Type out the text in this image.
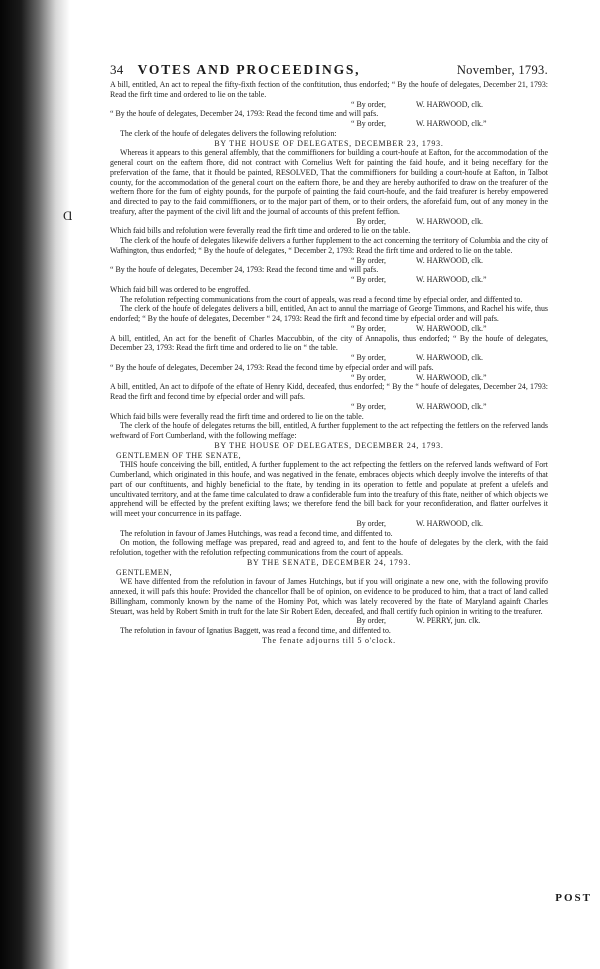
Ɑ
34 VOTES AND PROCEEDINGS,	November, 1793.

A bill, entitled, An act to repeal the fifty-fixth fection of the conftitution, thus endorfed; “ By the houfe of delegates, December 21, 1793: Read the firft time and ordered to lie on the table.

“ By order,	W. HARWOOD, clk.

“ By the houfe of delegates, December 24, 1793: Read the fecond time and will pafs.

“ By order,	W. HARWOOD, clk.”

The clerk of the houfe of delegates delivers the following refolution:

BY THE HOUSE OF DELEGATES, DECEMBER 23, 1793.

Whereas it appears to this general affembly, that the commiffioners for building a court-houfe at Eafton, for the accommodation of the general court on the eaftern fhore, did not contract with Cornelius Weft for painting the faid houfe, and it being neceffary for the prefervation of the fame, that it fhould be painted, RESOLVED, That the commiffioners for building a court-houfe at Eafton, in Talbot county, for the accommodation of the general court on the eaftern fhore, be and they are hereby authorifed to draw on the treafurer of the weftern fhore for the fum of eighty pounds, for the purpofe of painting the faid court-houfe, and the faid treafurer is hereby empowered and directed to pay to the faid commiffioners, or to the major part of them, or to their orders, the aforefaid fum, out of any money in the treafury, after the payment of the civil lift and the journal of accounts of this prefent feffion.

By order,	W. HARWOOD, clk.

Which faid bills and refolution were feverally read the firft time and ordered to lie on the table.

The clerk of the houfe of delegates likewife delivers a further fupplement to the act concerning the territory of Columbia and the city of Wafhington, thus endorfed; “ By the houfe of delegates, “ December 2, 1793: Read the firft time and ordered to lie on the table.

“ By order,	W. HARWOOD, clk.

“ By the houfe of delegates, December 24, 1793: Read the fecond time and will pafs.

“ By order,	W. HARWOOD, clk.”

Which faid bill was ordered to be engroffed.

The refolution refpecting communications from the court of appeals, was read a fecond time by efpecial order, and diffented to.

The clerk of the houfe of delegates delivers a bill, entitled, An act to annul the marriage of George Timmons, and Rachel his wife, thus endorfed; “ By the houfe of delegates, December “ 24, 1793: Read the firft and fecond time by efpecial order and will pafs.

“ By order,	W. HARWOOD, clk.”

A bill, entitled, An act for the benefit of Charles Maccubbin, of the city of Annapolis, thus endorfed; “ By the houfe of delegates, December 23, 1793: Read the firft time and ordered to lie on “ the table.

“ By order,	W. HARWOOD, clk.

“ By the houfe of delegates, December 24, 1793: Read the fecond time by efpecial order and will pafs.

“ By order,	W. HARWOOD, clk.”

A bill, entitled, An act to difpofe of the eftate of Henry Kidd, deceafed, thus endorfed; “ By the “ houfe of delegates, December 24, 1793: Read the firft and fecond time by efpecial order and will pafs.

“ By order,	W. HARWOOD, clk.”

Which faid bills were feverally read the firft time and ordered to lie on the table.

The clerk of the houfe of delegates returns the bill, entitled, A further fupplement to the act refpecting the fettlers on the referved lands weftward of Fort Cumberland, with the following meffage:

BY THE HOUSE OF DELEGATES, DECEMBER 24, 1793.

GENTLEMEN OF THE SENATE,

THIS houfe conceiving the bill, entitled, A further fupplement to the act refpecting the fettlers on the referved lands weftward of Fort Cumberland, which originated in this houfe, and was negatived in the fenate, embraces objects which deeply involve the interefts of that part of our conftituents, and highly beneficial to the ftate, by tending in its operation to fettle and populate at prefent a ufelefs and uncultivated territory, and at the fame time calculated to draw a confiderable fum into the treafury of this ftate, neither of which objects we apprehend will be effected by the prefent exifting laws; we therefore fend the bill back for your reconfideration, and flatter ourfelves it will meet your concurrence in its paffage.

By order,	W. HARWOOD, clk.

The refolution in favour of James Hutchings, was read a fecond time, and diffented to.

On motion, the following meffage was prepared, read and agreed to, and fent to the houfe of delegates by the clerk, with the faid refolution, together with the refolution refpecting communications from the court of appeals.

BY THE SENATE, DECEMBER 24, 1793.

GENTLEMEN,

WE have diffented from the refolution in favour of James Hutchings, but if you will originate a new one, with the following provifo annexed, it will pafs this houfe: Provided the chancellor fhall be of opinion, on evidence to be produced to him, that a tract of land called Billingham, commonly known by the name of the Hominy Pot, which was lately recovered by the ftate of Maryland againft Charles Steuart, was held by Robert Smith in truft for the late Sir Robert Eden, deceafed, and fhall certify fuch opinion in writing to the treafurer.

By order,	W. PERRY, jun. clk.

The refolution in favour of Ignatius Baggett, was read a fecond time, and diffented to.

The fenate adjourns till 5 o'clock.

POST
